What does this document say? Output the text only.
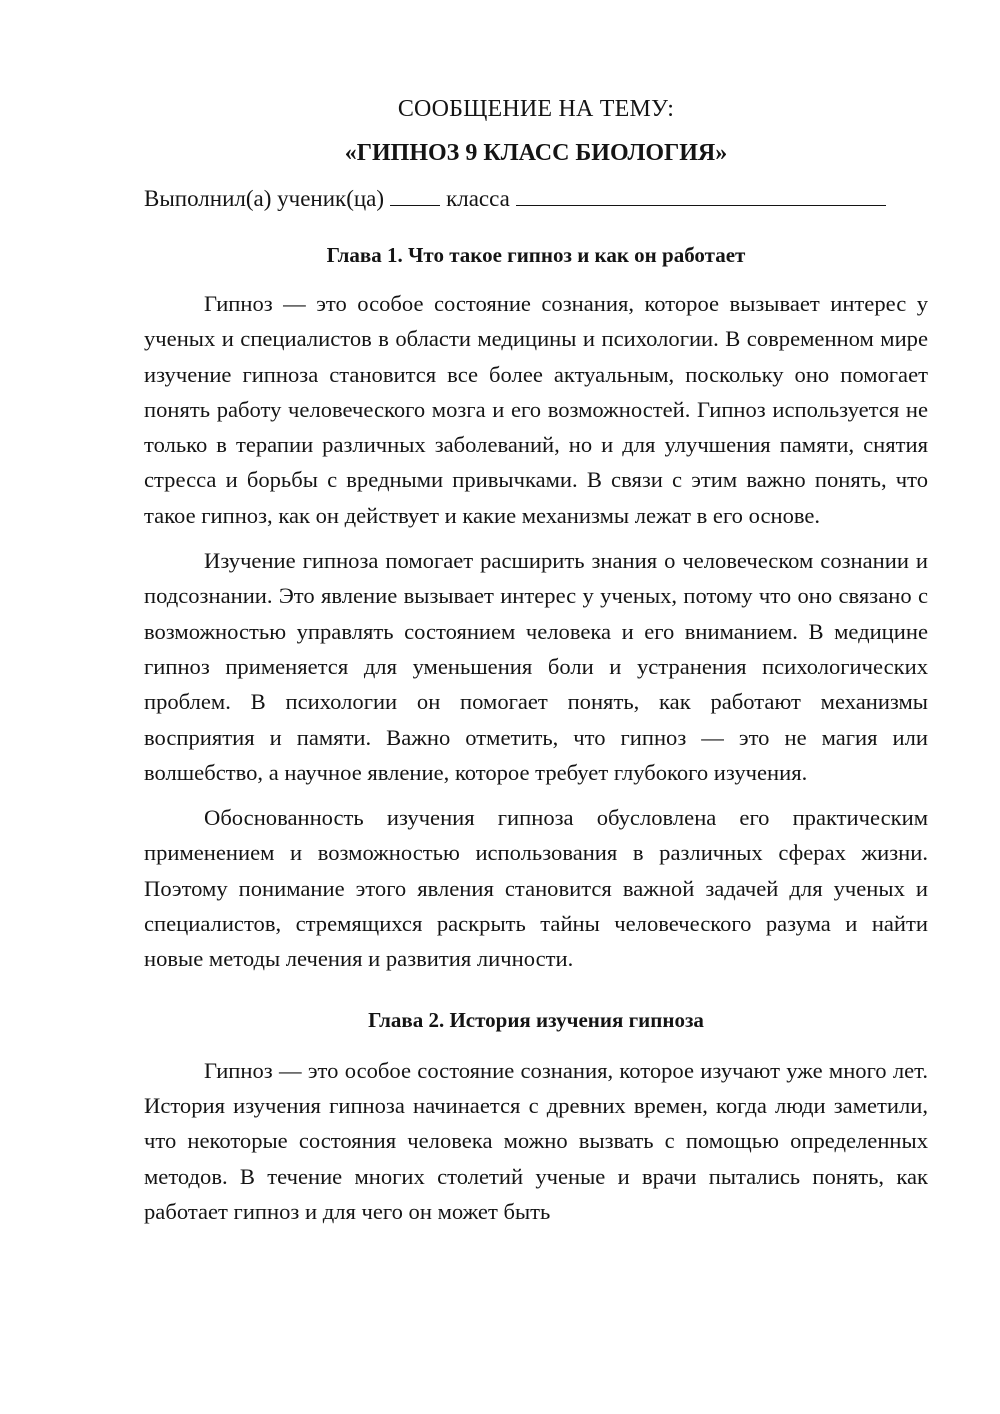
СООБЩЕНИЕ НА ТЕМУ:
«ГИПНОЗ 9 КЛАСС БИОЛОГИЯ»

Выполнил(а) ученик(ца)	класса

Глава 1. Что такое гипноз и как он работает

Гипноз — это особое состояние сознания, которое вызывает интерес у ученых и специалистов в области медицины и психологии. В современном мире изучение гипноза становится все более актуальным, поскольку оно помогает понять работу человеческого мозга и его возможностей. Гипноз используется не только в терапии различных заболеваний, но и для улучшения памяти, снятия стресса и борьбы с вредными привычками. В связи с этим важно понять, что такое гипноз, как он действует и какие механизмы лежат в его основе.

Изучение гипноза помогает расширить знания о человеческом сознании и подсознании. Это явление вызывает интерес у ученых, потому что оно связано с возможностью управлять состоянием человека и его вниманием. В медицине гипноз применяется для уменьшения боли и устранения психологических проблем. В психологии он помогает понять, как работают механизмы восприятия и памяти. Важно отметить, что гипноз — это не магия или волшебство, а научное явление, которое требует глубокого изучения.

Обоснованность изучения гипноза обусловлена его практическим применением и возможностью использования в различных сферах жизни. Поэтому понимание этого явления становится важной задачей для ученых и специалистов, стремящихся раскрыть тайны человеческого разума и найти новые методы лечения и развития личности.

Глава 2. История изучения гипноза

Гипноз — это особое состояние сознания, которое изучают уже много лет. История изучения гипноза начинается с древних времен, когда люди заметили, что некоторые состояния человека можно вызвать с помощью определенных методов. В течение многих столетий ученые и врачи пытались понять, как работает гипноз и для чего он может быть
